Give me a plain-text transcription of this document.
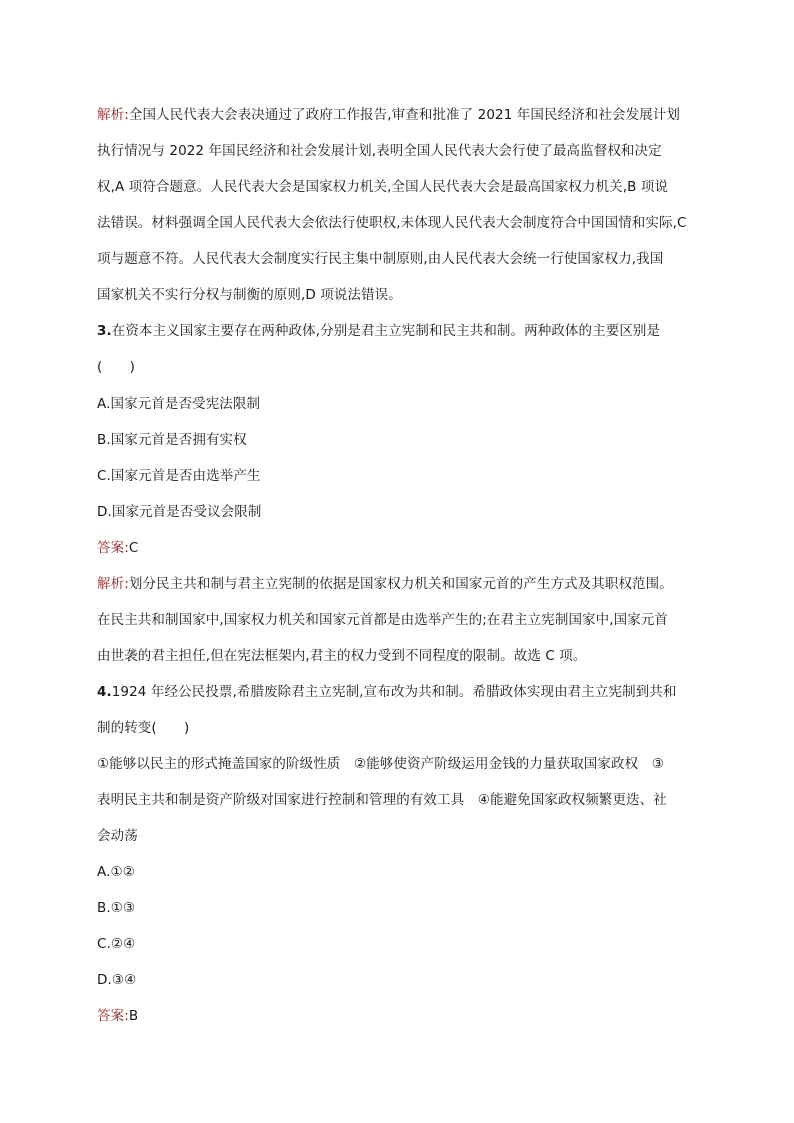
解析:全国人民代表大会表决通过了政府工作报告,审查和批准了 2021 年国民经济和社会发展计划
执行情况与 2022 年国民经济和社会发展计划,表明全国人民代表大会行使了最高监督权和决定
权,A 项符合题意。人民代表大会是国家权力机关,全国人民代表大会是最高国家权力机关,B 项说
法错误。材料强调全国人民代表大会依法行使职权,未体现人民代表大会制度符合中国国情和实际,C
项与题意不符。人民代表大会制度实行民主集中制原则,由人民代表大会统一行使国家权力,我国
国家机关不实行分权与制衡的原则,D 项说法错误。
3.在资本主义国家主要存在两种政体,分别是君主立宪制和民主共和制。两种政体的主要区别是
(　　)
A.国家元首是否受宪法限制
B.国家元首是否拥有实权
C.国家元首是否由选举产生
D.国家元首是否受议会限制
答案:C
解析:划分民主共和制与君主立宪制的依据是国家权力机关和国家元首的产生方式及其职权范围。
在民主共和制国家中,国家权力机关和国家元首都是由选举产生的;在君主立宪制国家中,国家元首
由世袭的君主担任,但在宪法框架内,君主的权力受到不同程度的限制。故选 C 项。
4.1924 年经公民投票,希腊废除君主立宪制,宣布改为共和制。希腊政体实现由君主立宪制到共和
制的转变(　　)
①能够以民主的形式掩盖国家的阶级性质　②能够使资产阶级运用金钱的力量获取国家政权　③
表明民主共和制是资产阶级对国家进行控制和管理的有效工具　④能避免国家政权频繁更迭、社
会动荡
A.①②
B.①③
C.②④
D.③④
答案:B
